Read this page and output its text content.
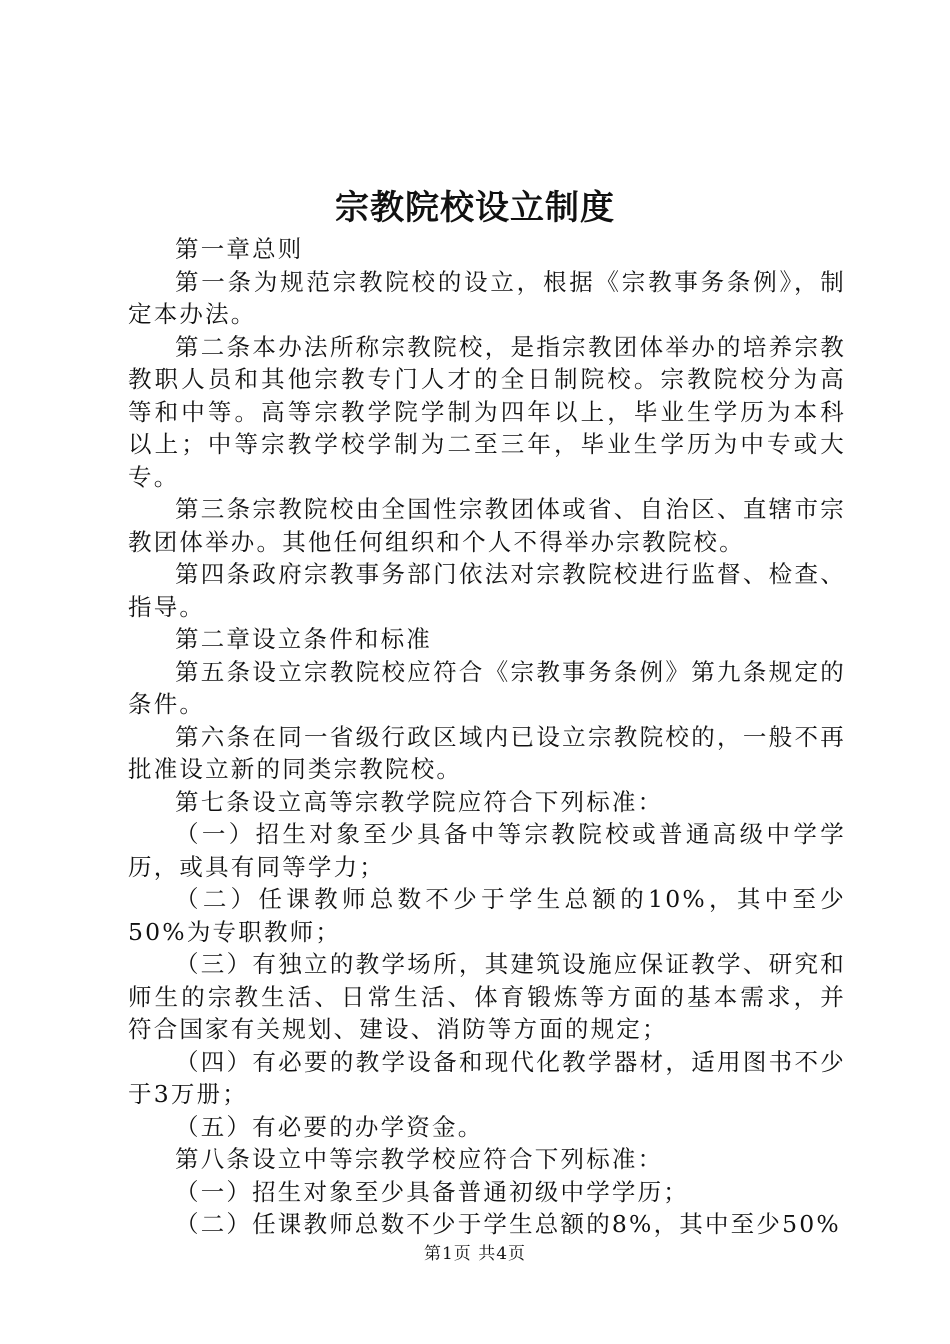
宗教院校设立制度

第一章总则

第一条为规范宗教院校的设立，根据《宗教事务条例》，制定本办法。

第二条本办法所称宗教院校，是指宗教团体举办的培养宗教教职人员和其他宗教专门人才的全日制院校。宗教院校分为高等和中等。高等宗教学院学制为四年以上，毕业生学历为本科以上；中等宗教学校学制为二至三年，毕业生学历为中专或大专。

第三条宗教院校由全国性宗教团体或省、自治区、直辖市宗教团体举办。其他任何组织和个人不得举办宗教院校。

第四条政府宗教事务部门依法对宗教院校进行监督、检查、指导。

第二章设立条件和标准

第五条设立宗教院校应符合《宗教事务条例》第九条规定的条件。

第六条在同一省级行政区域内已设立宗教院校的，一般不再批准设立新的同类宗教院校。

第七条设立高等宗教学院应符合下列标准：

（一）招生对象至少具备中等宗教院校或普通高级中学学历，或具有同等学力；

（二）任课教师总数不少于学生总额的10%，其中至少50%为专职教师；

（三）有独立的教学场所，其建筑设施应保证教学、研究和师生的宗教生活、日常生活、体育锻炼等方面的基本需求，并符合国家有关规划、建设、消防等方面的规定；

（四）有必要的教学设备和现代化教学器材，适用图书不少于3万册；

（五）有必要的办学资金。

第八条设立中等宗教学校应符合下列标准：

（一）招生对象至少具备普通初级中学学历；

（二）任课教师总数不少于学生总额的8%，其中至少50%

第1页 共4页
